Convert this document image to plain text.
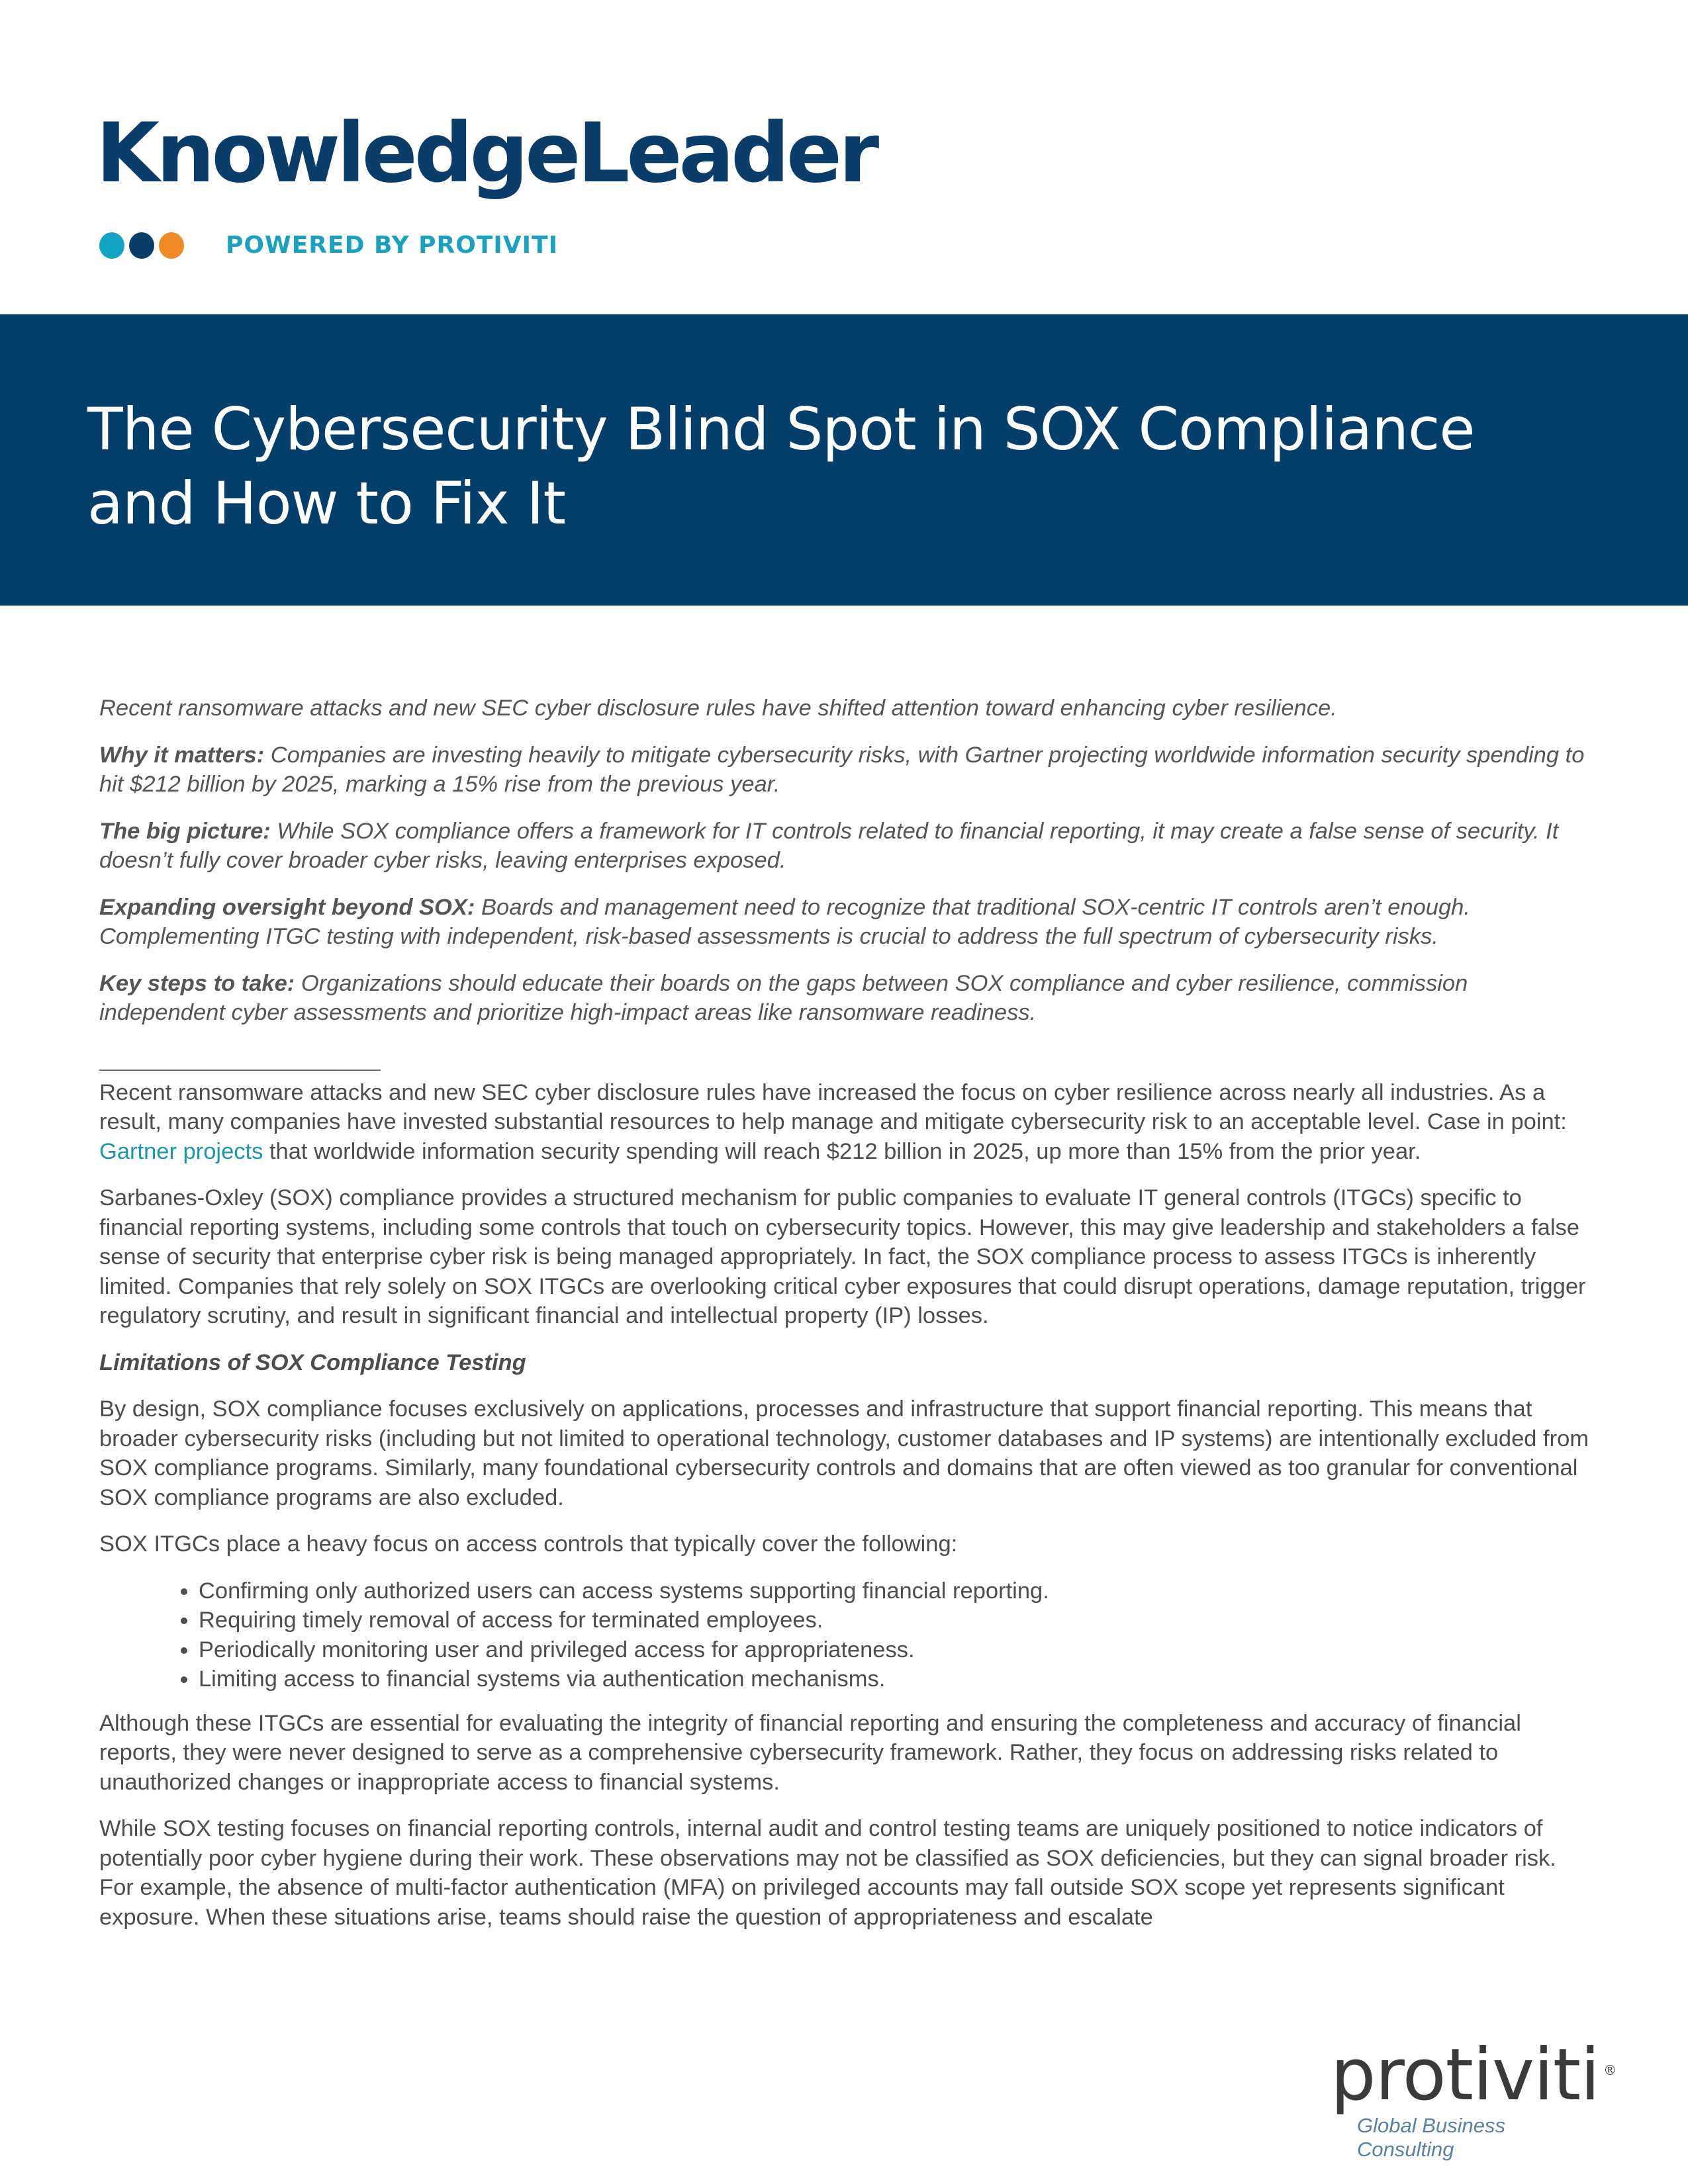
KnowledgeLeader
POWERED BY PROTIVITI
The Cybersecurity Blind Spot in SOX Compliance and How to Fix It

Recent ransomware attacks and new SEC cyber disclosure rules have shifted attention toward enhancing cyber resilience.

Why it matters: Companies are investing heavily to mitigate cybersecurity risks, with Gartner projecting worldwide information security spending to hit $212 billion by 2025, marking a 15% rise from the previous year.

The big picture: While SOX compliance offers a framework for IT controls related to financial reporting, it may create a false sense of security. It doesn’t fully cover broader cyber risks, leaving enterprises exposed.

Expanding oversight beyond SOX: Boards and management need to recognize that traditional SOX-centric IT controls aren’t enough. Complementing ITGC testing with independent, risk-based assessments is crucial to address the full spectrum of cybersecurity risks.

Key steps to take: Organizations should educate their boards on the gaps between SOX compliance and cyber resilience, commission independent cyber assessments and prioritize high-impact areas like ransomware readiness.

___________________________

Recent ransomware attacks and new SEC cyber disclosure rules have increased the focus on cyber resilience across nearly all industries. As a result, many companies have invested substantial resources to help manage and mitigate cybersecurity risk to an acceptable level. Case in point: Gartner projects that worldwide information security spending will reach $212 billion in 2025, up more than 15% from the prior year.

Sarbanes-Oxley (SOX) compliance provides a structured mechanism for public companies to evaluate IT general controls (ITGCs) specific to financial reporting systems, including some controls that touch on cybersecurity topics. However, this may give leadership and stakeholders a false sense of security that enterprise cyber risk is being managed appropriately. In fact, the SOX compliance process to assess ITGCs is inherently limited. Companies that rely solely on SOX ITGCs are overlooking critical cyber exposures that could disrupt operations, damage reputation, trigger regulatory scrutiny, and result in significant financial and intellectual property (IP) losses.

Limitations of SOX Compliance Testing

By design, SOX compliance focuses exclusively on applications, processes and infrastructure that support financial reporting. This means that broader cybersecurity risks (including but not limited to operational technology, customer databases and IP systems) are intentionally excluded from SOX compliance programs. Similarly, many foundational cybersecurity controls and domains that are often viewed as too granular for conventional SOX compliance programs are also excluded.

SOX ITGCs place a heavy focus on access controls that typically cover the following:

• Confirming only authorized users can access systems supporting financial reporting.
• Requiring timely removal of access for terminated employees.
• Periodically monitoring user and privileged access for appropriateness.
• Limiting access to financial systems via authentication mechanisms.

Although these ITGCs are essential for evaluating the integrity of financial reporting and ensuring the completeness and accuracy of financial reports, they were never designed to serve as a comprehensive cybersecurity framework. Rather, they focus on addressing risks related to unauthorized changes or inappropriate access to financial systems.

While SOX testing focuses on financial reporting controls, internal audit and control testing teams are uniquely positioned to notice indicators of potentially poor cyber hygiene during their work. These observations may not be classified as SOX deficiencies, but they can signal broader risk. For example, the absence of multi-factor authentication (MFA) on privileged accounts may fall outside SOX scope yet represents significant exposure. When these situations arise, teams should raise the question of appropriateness and escalate

protiviti ®
Global Business Consulting
